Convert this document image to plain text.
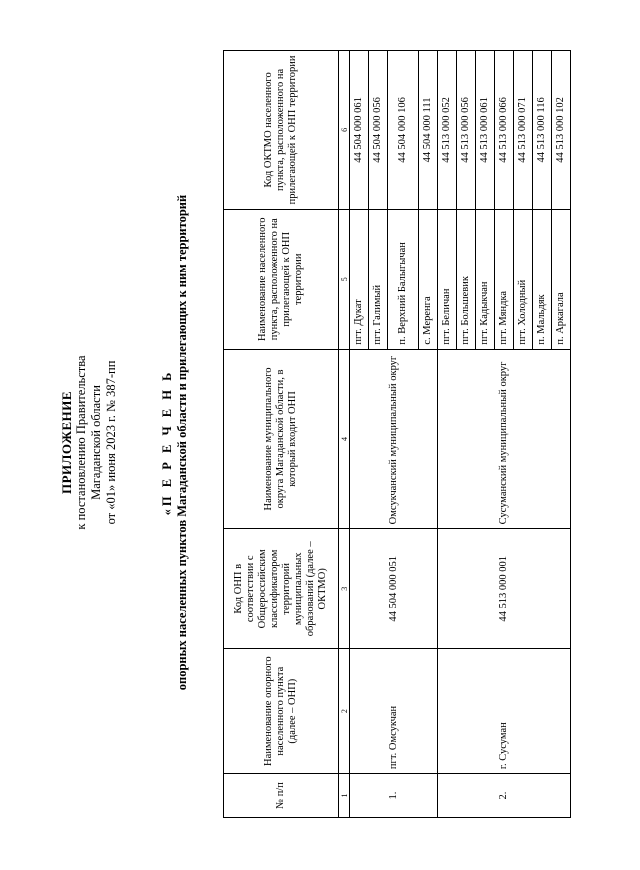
ПРИЛОЖЕНИЕ к постановлению Правительства Магаданской области от «01» июня 2023 г. № 387-пп	«П Е Р Е Ч Е Н Ь опорных населенных пунктов Магаданской области и прилегающих к ним территорий
№ п/п	Наименование опорного населенного пункта (далее – ОНП)	Код ОНП в соответствии с Общероссийским классификатором территорий муниципальных образований (далее – ОКТМО)	Наименование муниципального округа Магаданской области, в который входит ОНП	Наименование населенного пункта, расположенного на прилегающей к ОНП территории	Код ОКТМО населенного пункта, расположенного на прилегающей к ОНП территории
1	2	3	4	5	6
1.	пгт. Омсукчан	44 504 000 051	Омсукчанский муниципальный округ	пгт. Дукат	44 504 000 061
				пгт. Галимый	44 504 000 056
				п. Верхний Балыгычан	44 504 000 106
				с. Меренга	44 504 000 111
2.	г. Сусуман	44 513 000 001	Сусуманский муниципальный округ	пгт. Беличан	44 513 000 052
				пгт. Большевик	44 513 000 056
				пгт. Кадыкчан	44 513 000 061
				пгт. Мяндка	44 513 000 066
				пгт. Холодный	44 513 000 071
				п. Мальдяк	44 513 000 116
				п. Аркагала	44 513 000 102
